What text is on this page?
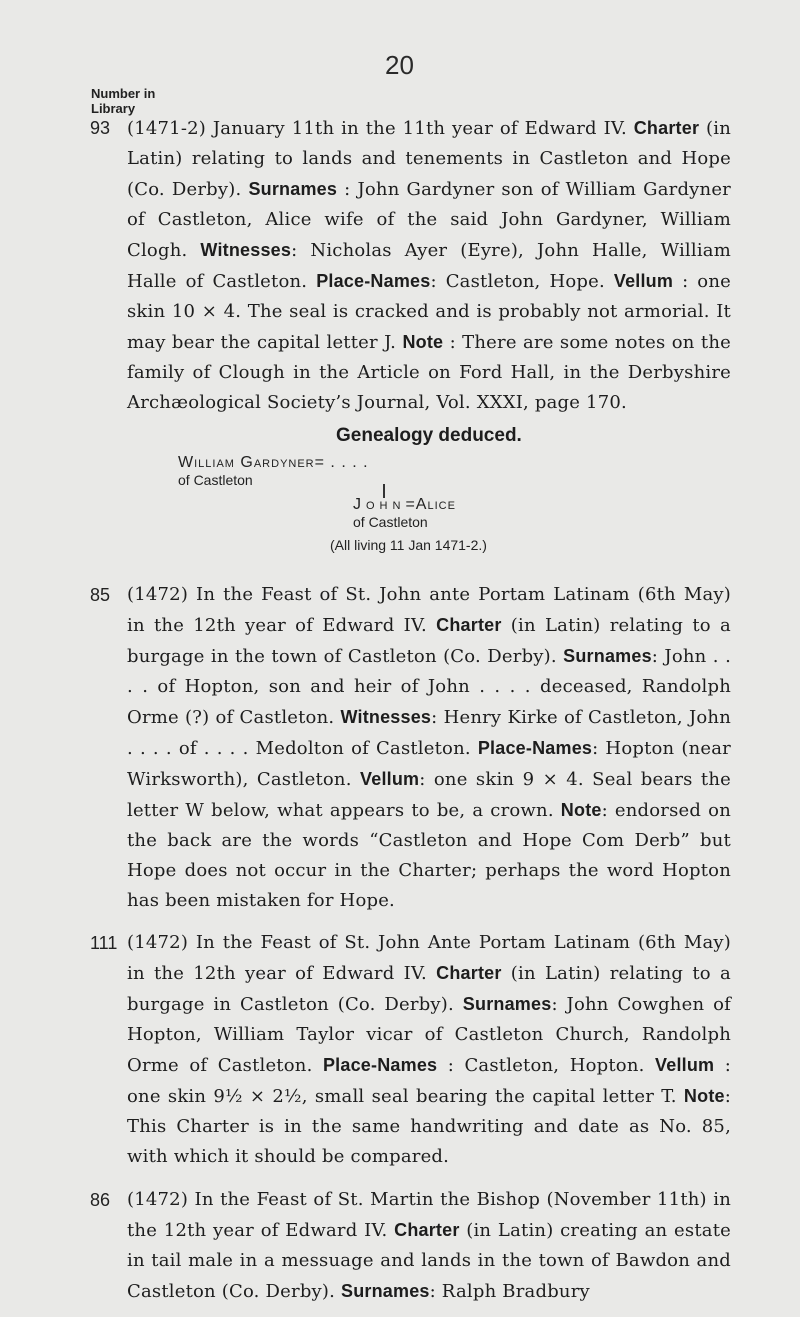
20
Number in
Library
93 (1471-2) January 11th in the 11th year of Edward IV. Charter (in Latin) relating to lands and tenements in Castleton and Hope (Co. Derby). Surnames : John Gardyner son of William Gardyner of Castleton, Alice wife of the said John Gardyner, William Clogh. Witnesses: Nicholas Ayer (Eyre), John Halle, William Halle of Castleton. Place-Names: Castleton, Hope. Vellum : one skin 10 × 4. The seal is cracked and is probably not armorial. It may bear the capital letter J. Note : There are some notes on the family of Clough in the Article on Ford Hall, in the Derbyshire Archæological Society’s Journal, Vol. XXXI, page 170.
Genealogy deduced.
William Gardyner= . . . .
of Castleton
John=Alice
of Castleton
(All living 11 Jan 1471-2.)
85 (1472) In the Feast of St. John ante Portam Latinam (6th May) in the 12th year of Edward IV. Charter (in Latin) relating to a burgage in the town of Castleton (Co. Derby). Surnames: John . . . . of Hopton, son and heir of John . . . . deceased, Randolph Orme (?) of Castleton. Witnesses: Henry Kirke of Castleton, John . . . . of . . . . Medolton of Castleton. Place-Names: Hopton (near Wirksworth), Castleton. Vellum: one skin 9 × 4. Seal bears the letter W below, what appears to be, a crown. Note: endorsed on the back are the words “Castleton and Hope Com Derb” but Hope does not occur in the Charter; perhaps the word Hopton has been mistaken for Hope.
111 (1472) In the Feast of St. John Ante Portam Latinam (6th May) in the 12th year of Edward IV. Charter (in Latin) relating to a burgage in Castleton (Co. Derby). Surnames: John Cowghen of Hopton, William Taylor vicar of Castleton Church, Randolph Orme of Castleton. Place-Names : Castleton, Hopton. Vellum : one skin 9½ × 2½, small seal bearing the capital letter T. Note: This Charter is in the same handwriting and date as No. 85, with which it should be compared.
86 (1472) In the Feast of St. Martin the Bishop (November 11th) in the 12th year of Edward IV. Charter (in Latin) creating an estate in tail male in a messuage and lands in the town of Bawdon and Castleton (Co. Derby). Surnames: Ralph Bradbury
